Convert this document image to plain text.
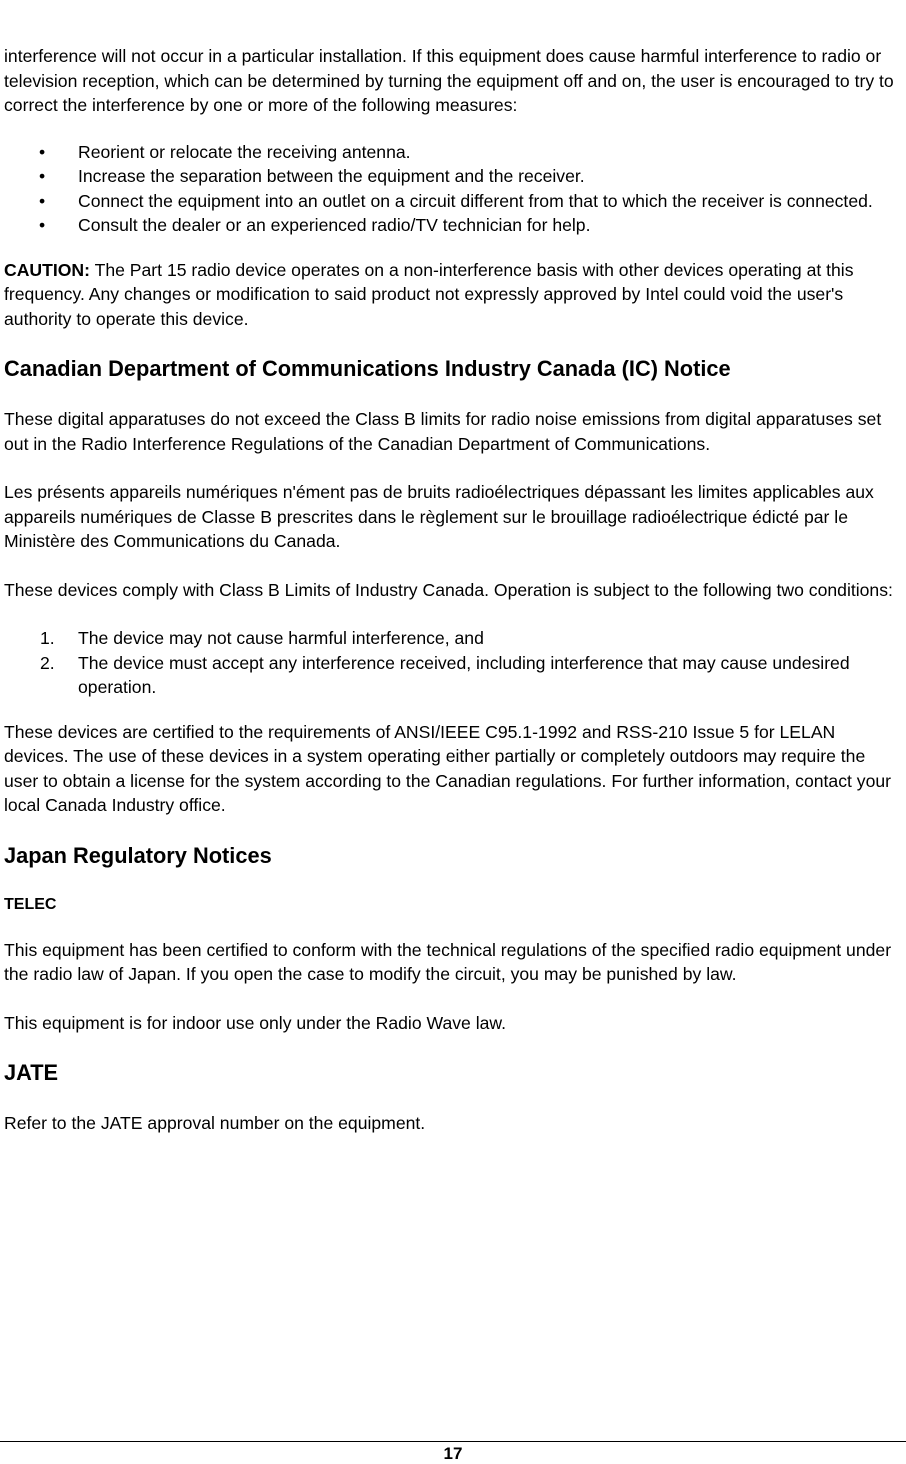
interference will not occur in a particular installation. If this equipment does cause harmful interference to radio or television reception, which can be determined by turning the equipment off and on, the user is encouraged to try to correct the interference by one or more of the following measures:

• Reorient or relocate the receiving antenna.
• Increase the separation between the equipment and the receiver.
• Connect the equipment into an outlet on a circuit different from that to which the receiver is connected.
• Consult the dealer or an experienced radio/TV technician for help.

CAUTION: The Part 15 radio device operates on a non-interference basis with other devices operating at this frequency. Any changes or modification to said product not expressly approved by Intel could void the user's authority to operate this device.

Canadian Department of Communications Industry Canada (IC) Notice

These digital apparatuses do not exceed the Class B limits for radio noise emissions from digital apparatuses set out in the Radio Interference Regulations of the Canadian Department of Communications.

Les présents appareils numériques n'ément pas de bruits radioélectriques dépassant les limites applicables aux appareils numériques de Classe B prescrites dans le règlement sur le brouillage radioélectrique édicté par le Ministère des Communications du Canada.

These devices comply with Class B Limits of Industry Canada. Operation is subject to the following two conditions:

1. The device may not cause harmful interference, and
2. The device must accept any interference received, including interference that may cause undesired operation.

These devices are certified to the requirements of ANSI/IEEE C95.1-1992 and RSS-210 Issue 5 for LELAN devices. The use of these devices in a system operating either partially or completely outdoors may require the user to obtain a license for the system according to the Canadian regulations. For further information, contact your local Canada Industry office.

Japan Regulatory Notices
TELEC

This equipment has been certified to conform with the technical regulations of the specified radio equipment under the radio law of Japan. If you open the case to modify the circuit, you may be punished by law.

This equipment is for indoor use only under the Radio Wave law.

JATE

Refer to the JATE approval number on the equipment.

17
